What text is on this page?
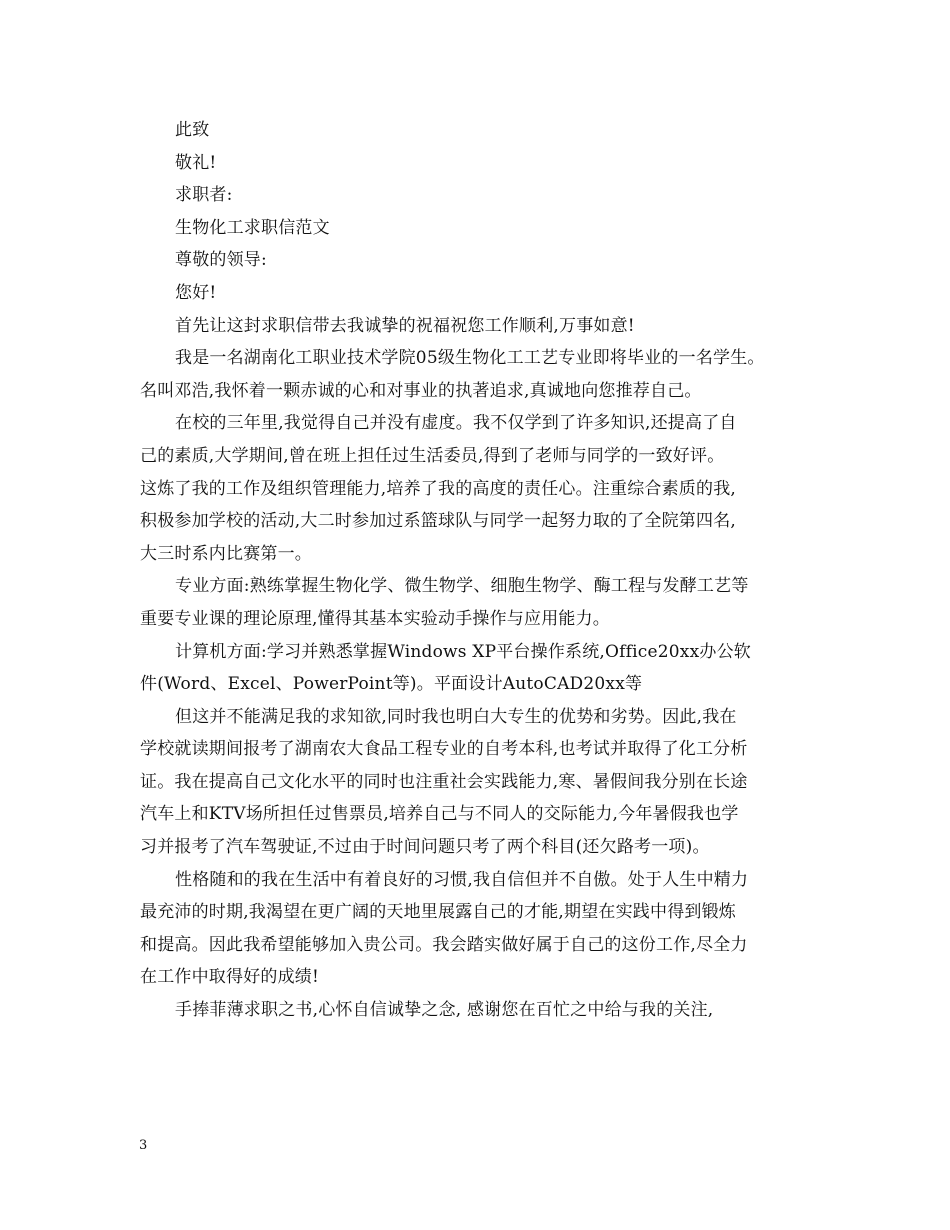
此致
敬礼!
求职者:
生物化工求职信范文
尊敬的领导:
您好!
首先让这封求职信带去我诚挚的祝福祝您工作顺利,万事如意!
我是一名湖南化工职业技术学院05级生物化工工艺专业即将毕业的一名学生。
名叫邓浩,我怀着一颗赤诚的心和对事业的执著追求,真诚地向您推荐自己。
在校的三年里,我觉得自己并没有虚度。我不仅学到了许多知识,还提高了自
己的素质,大学期间,曾在班上担任过生活委员,得到了老师与同学的一致好评。
这炼了我的工作及组织管理能力,培养了我的高度的责任心。注重综合素质的我,
积极参加学校的活动,大二时参加过系篮球队与同学一起努力取的了全院第四名,
大三时系内比赛第一。
专业方面:熟练掌握生物化学、微生物学、细胞生物学、酶工程与发酵工艺等
重要专业课的理论原理,懂得其基本实验动手操作与应用能力。
计算机方面:学习并熟悉掌握Windows XP平台操作系统,Office20xx办公软
件(Word、Excel、PowerPoint等)。平面设计AutoCAD20xx等
但这并不能满足我的求知欲,同时我也明白大专生的优势和劣势。因此,我在
学校就读期间报考了湖南农大食品工程专业的自考本科,也考试并取得了化工分析
证。我在提高自己文化水平的同时也注重社会实践能力,寒、暑假间我分别在长途
汽车上和KTV场所担任过售票员,培养自己与不同人的交际能力,今年暑假我也学
习并报考了汽车驾驶证,不过由于时间问题只考了两个科目(还欠路考一项)。
性格随和的我在生活中有着良好的习惯,我自信但并不自傲。处于人生中精力
最充沛的时期,我渴望在更广阔的天地里展露自己的才能,期望在实践中得到锻炼
和提高。因此我希望能够加入贵公司。我会踏实做好属于自己的这份工作,尽全力
在工作中取得好的成绩!
手捧菲薄求职之书,心怀自信诚挚之念, 感谢您在百忙之中给与我的关注,
3
